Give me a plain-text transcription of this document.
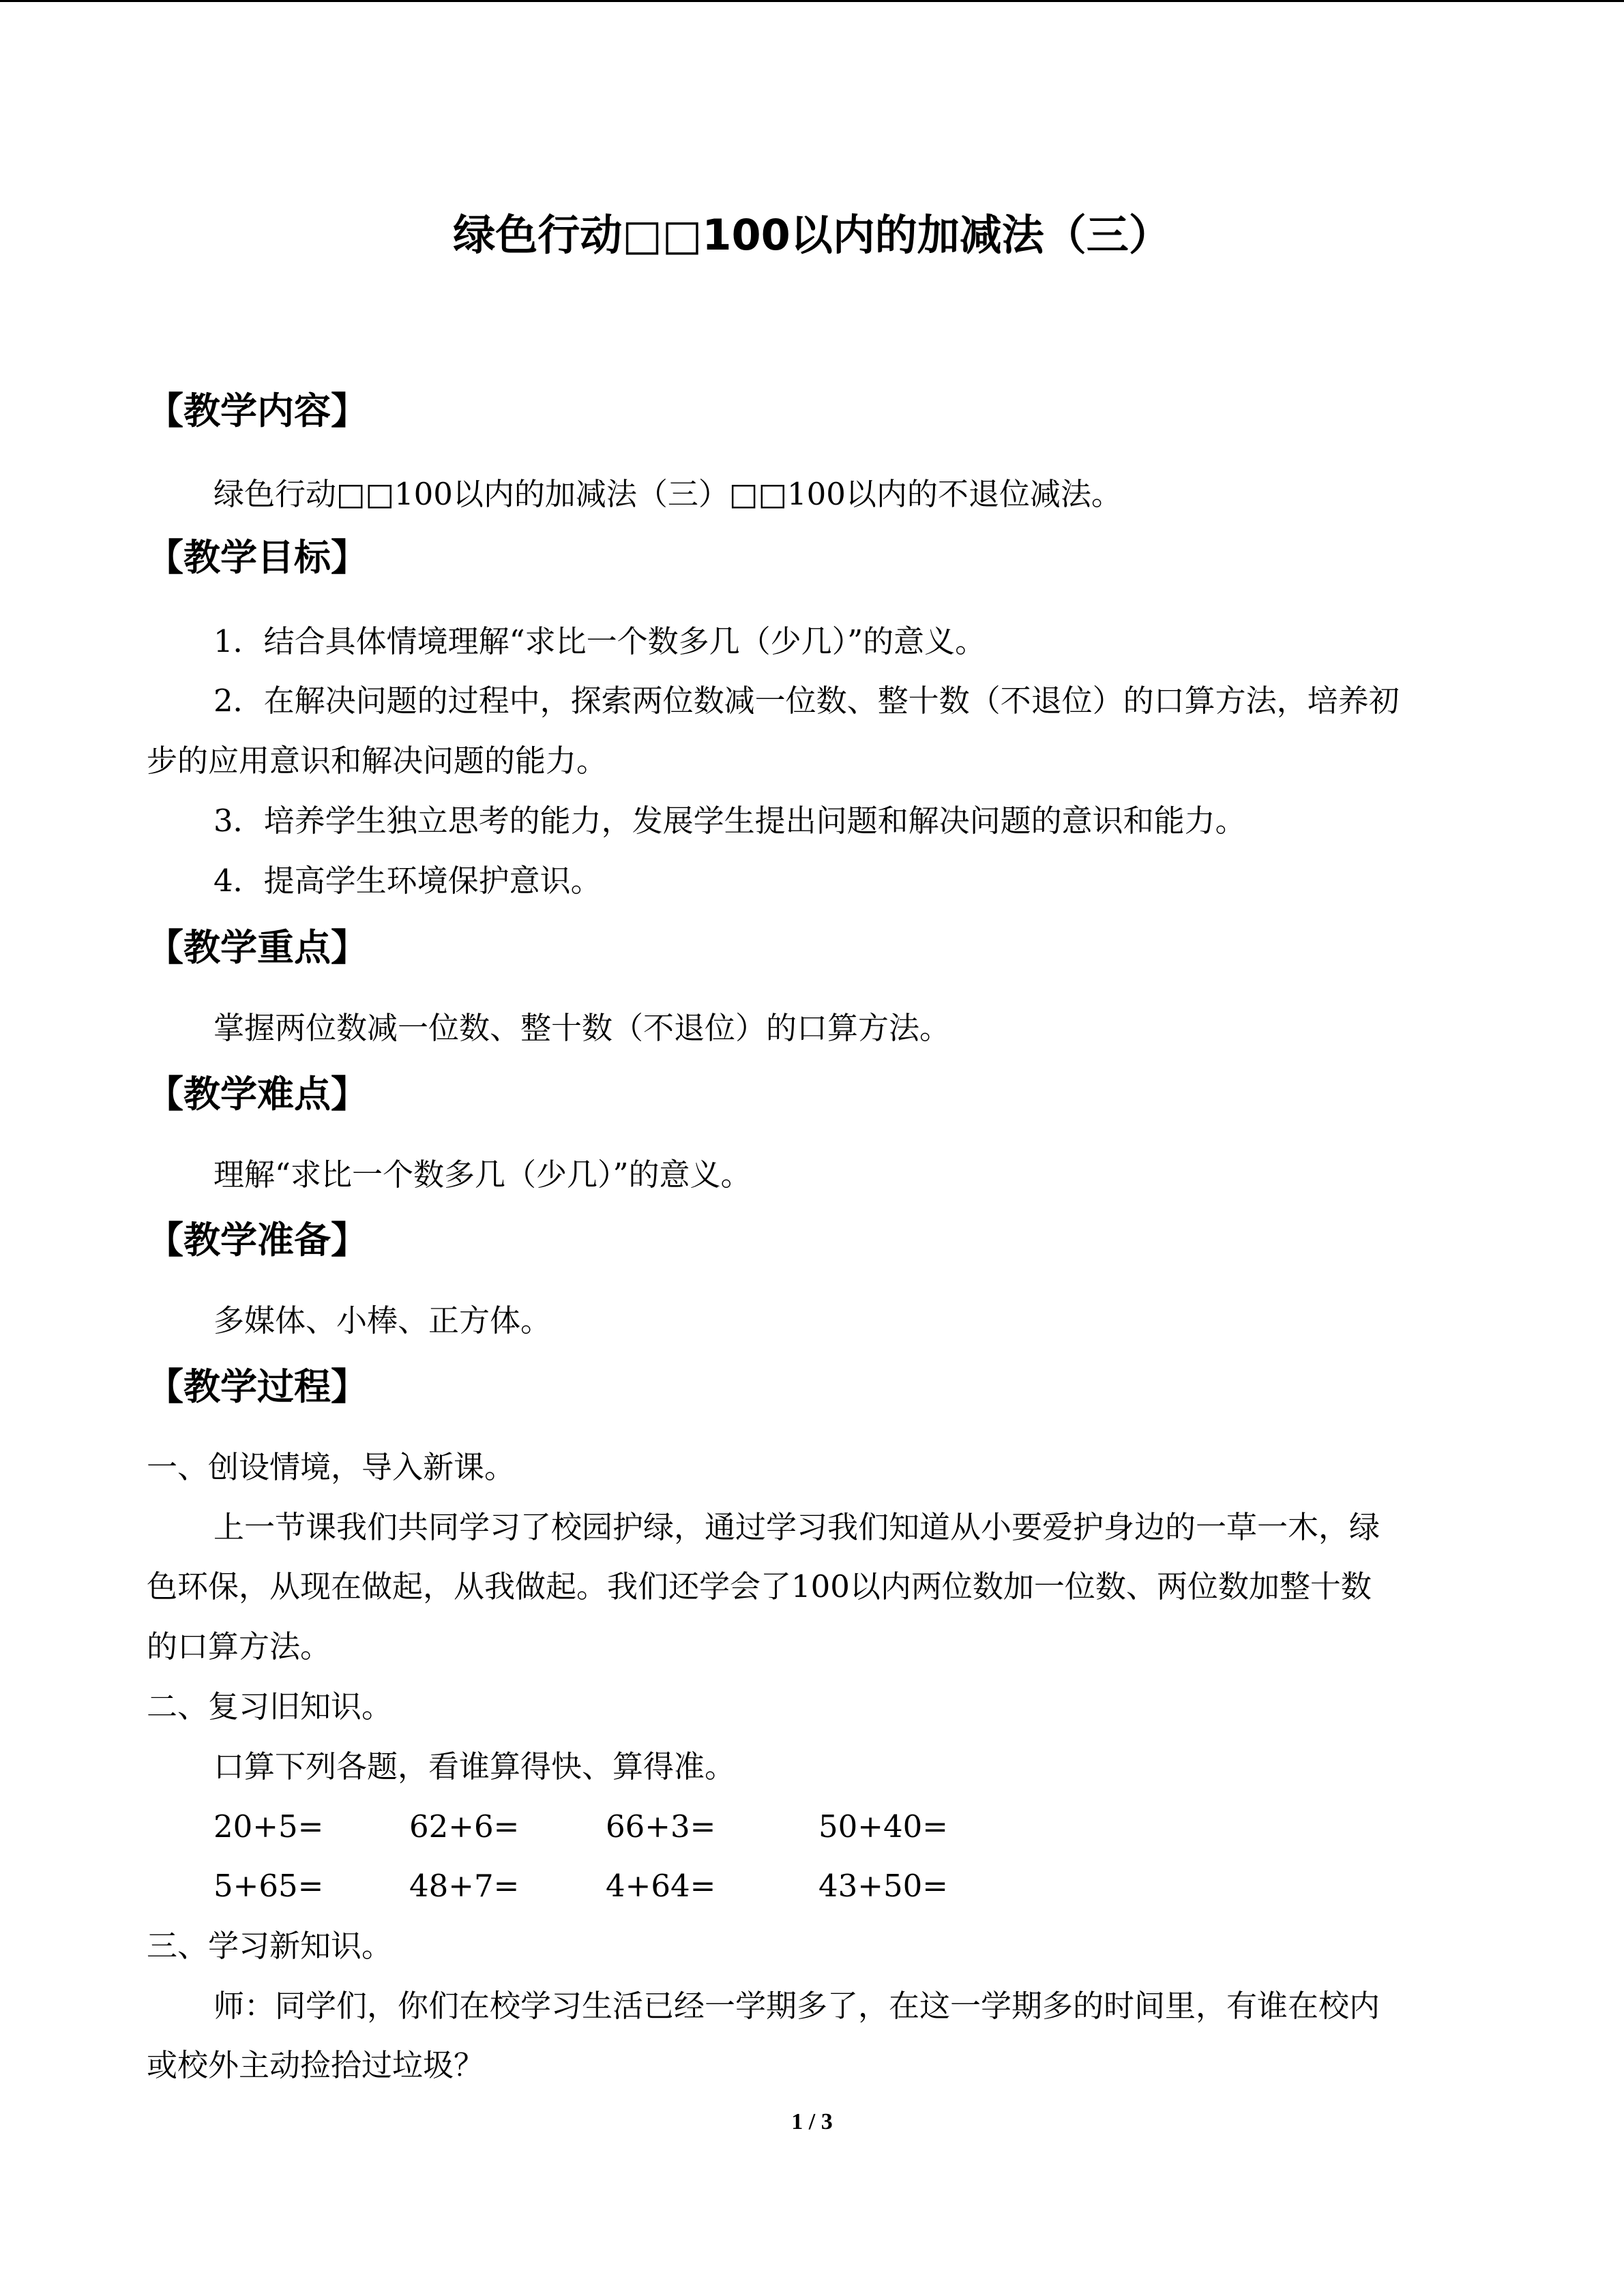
绿色行动□□100以内的加减法（三）
【教学内容】
绿色行动□□100以内的加减法（三）□□100以内的不退位减法。
【教学目标】
1．结合具体情境理解“求比一个数多几（少几）”的意义。
2．在解决问题的过程中，探索两位数减一位数、整十数（不退位）的口算方法，培养初
步的应用意识和解决问题的能力。
3．培养学生独立思考的能力，发展学生提出问题和解决问题的意识和能力。
4．提高学生环境保护意识。
【教学重点】
掌握两位数减一位数、整十数（不退位）的口算方法。
【教学难点】
理解“求比一个数多几（少几）”的意义。
【教学准备】
多媒体、小棒、正方体。
【教学过程】
一、创设情境，导入新课。
上一节课我们共同学习了校园护绿，通过学习我们知道从小要爱护身边的一草一木，绿
色环保，从现在做起，从我做起。我们还学会了100以内两位数加一位数、两位数加整十数
的口算方法。
二、复习旧知识。
口算下列各题，看谁算得快、算得准。
20+5=	62+6=	66+3=	50+40=
5+65=	48+7=	4+64=	43+50=
三、学习新知识。
师：同学们，你们在校学习生活已经一学期多了，在这一学期多的时间里，有谁在校内
或校外主动捡拾过垃圾？
1 / 3
